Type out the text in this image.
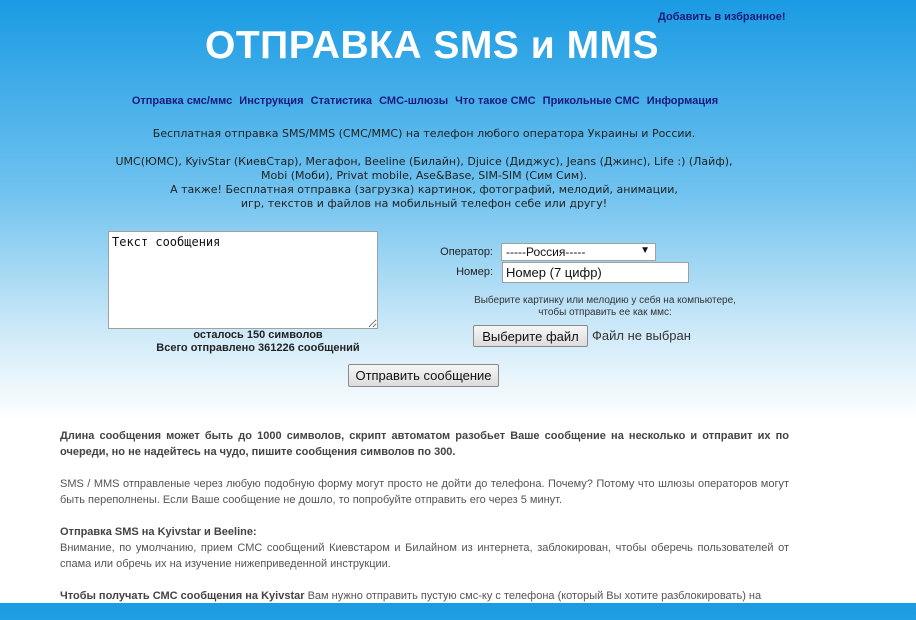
Добавить в избранное!
ОТПРАВКА SMS и MMS
Отправка смс/ммс Инструкция Статистика СМС-шлюзы Что такое СМС Прикольные СМС Информация

Бесплатная отправка SMS/MMS (СМС/ММС) на телефон любого оператора Украины и России.

UMC(ЮМС), KyivStar (КиевСтар), Мегафон, Beeline (Билайн), Djuice (Диджус), Jeans (Джинс), Life :) (Лайф),

Mobi (Моби), Privat mobile, Ase&Base, SIM-SIM (Сим Сим).

А также! Бесплатная отправка (загрузка) картинок, фотографий, мелодий, анимации,

игр, текстов и файлов на мобильный телефон себе или другу!

Текст сообщения
осталось 150 символов
Всего отправлено 361226 сообщений
Оператор:	-----Россия-----	▼
Номер:
Номер (7 цифр)
Выберите картинку или мелодию у себя на компьютере,
чтобы отправить ее как ммс:
Выберите файл	Файл не выбран
Отправить сообщение

Длина сообщения может быть до 1000 символов, скрипт автоматом разобьет Ваше сообщение на несколько и отправит их по очереди, но не надейтесь на чудо, пишите сообщения символов по 300.

SMS / MMS отправленые через любую подобную форму могут просто не дойти до телефона. Почему? Потому что шлюзы операторов могут быть переполнены. Если Ваше сообщение не дошло, то попробуйте отправить его через 5 минут.

Отправка SMS на Kyivstar и Beeline:
Внимание, по умолчанию, прием СМС сообщений Киевстаром и Билайном из интернета, заблокирован, чтобы оберечь пользователей от спама или обречь их на изучение нижеприведенной инструкции.

Чтобы получать СМС сообщения на Kyivstar Вам нужно отправить пустую смс-ку с телефона (который Вы хотите разблокировать) на
